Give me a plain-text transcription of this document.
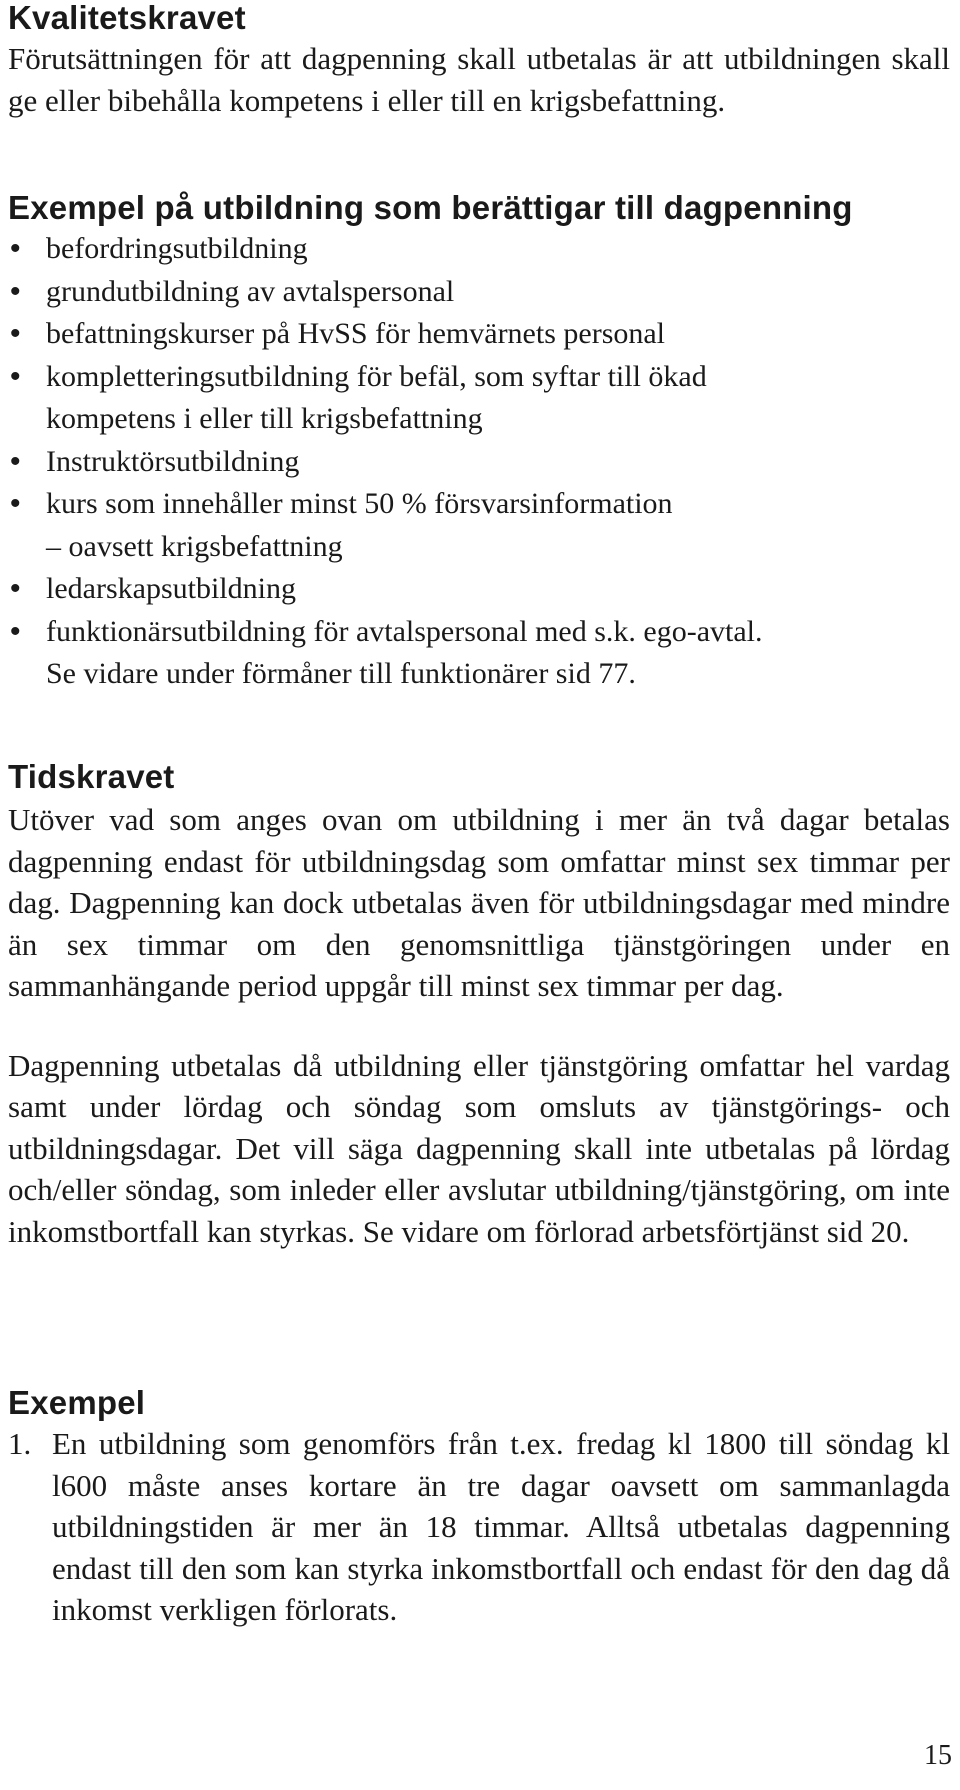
Kvalitetskravet

Förutsättningen för att dagpenning skall utbetalas är att utbildningen skall ge eller bibehålla kompetens i eller till en krigsbefattning.

Exempel på utbildning som berättigar till dagpenning
• befordringsutbildning
• grundutbildning av avtalspersonal
• befattningskurser på HvSS för hemvärnets personal
• kompletteringsutbildning för befäl, som syftar till ökad
kompetens i eller till krigsbefattning
• Instruktörsutbildning
• kurs som innehåller minst 50 % försvarsinformation
– oavsett krigsbefattning
• ledarskapsutbildning
• funktionärsutbildning för avtalspersonal med s.k. ego-avtal.
Se vidare under förmåner till funktionärer sid 77.
Tidskravet

Utöver vad som anges ovan om utbildning i mer än två dagar betalas dagpenning endast för utbildningsdag som omfattar minst sex timmar per dag. Dagpenning kan dock utbetalas även för utbildningsdagar med mindre än sex timmar om den genomsnittliga tjänstgöringen under en sammanhängande period uppgår till minst sex timmar per dag.

Dagpenning utbetalas då utbildning eller tjänstgöring omfattar hel vardag samt under lördag och söndag som omsluts av tjänstgörings- och utbildningsdagar. Det vill säga dagpenning skall inte utbetalas på lördag och/eller söndag, som inleder eller avslutar utbildning/tjänstgöring, om inte inkomstbortfall kan styrkas. Se vidare om förlorad arbetsförtjänst sid 20.

Exempel
1. En utbildning som genomförs från t.ex. fredag kl 1800 till söndag kl l600 måste anses kortare än tre dagar oavsett om sammanlagda utbildningstiden är mer än 18 timmar. Alltså utbetalas dagpenning endast till den som kan styrka inkomstbortfall och endast för den dag då inkomst verkligen förlorats.
15
